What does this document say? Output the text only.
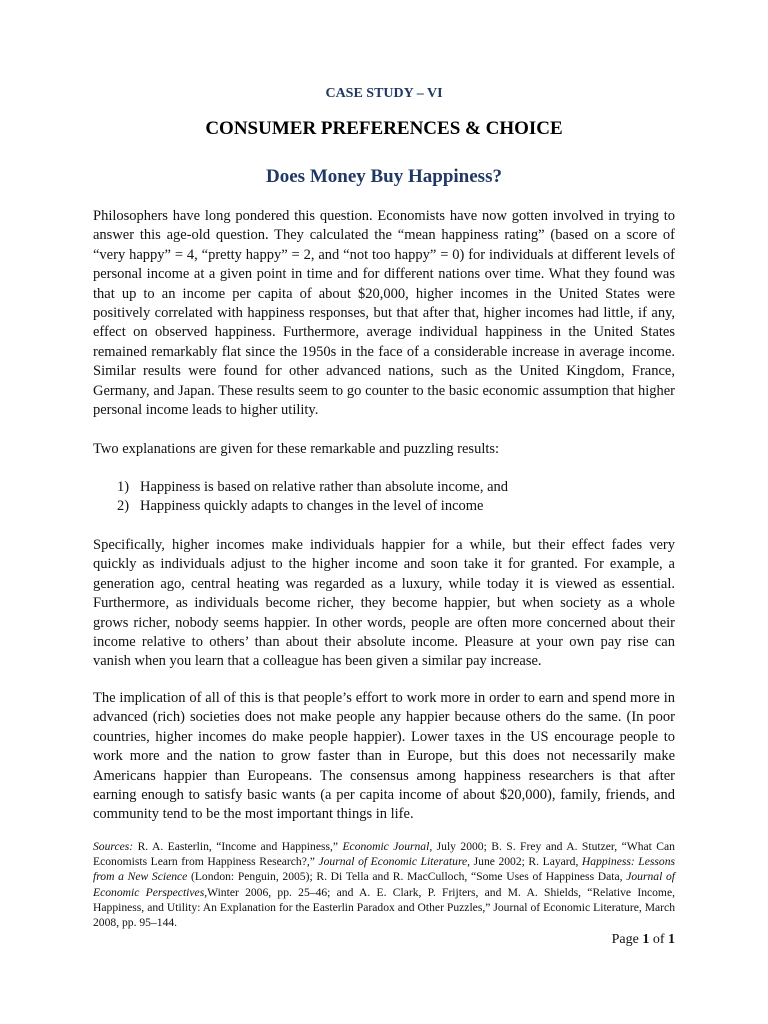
CASE STUDY – VI
CONSUMER PREFERENCES & CHOICE
Does Money Buy Happiness?

Philosophers have long pondered this question. Economists have now gotten involved in trying to answer this age-old question. They calculated the “mean happiness rating” (based on a score of “very happy” = 4, “pretty happy” = 2, and “not too happy” = 0) for individuals at different levels of personal income at a given point in time and for different nations over time. What they found was that up to an income per capita of about $20,000, higher incomes in the United States were positively correlated with happiness responses, but that after that, higher incomes had little, if any, effect on observed happiness. Furthermore, average individual happiness in the United States remained remarkably flat since the 1950s in the face of a considerable increase in average income. Similar results were found for other advanced nations, such as the United Kingdom, France, Germany, and Japan. These results seem to go counter to the basic economic assumption that higher personal income leads to higher utility.

Two explanations are given for these remarkable and puzzling results:

1) Happiness is based on relative rather than absolute income, and
2) Happiness quickly adapts to changes in the level of income

Specifically, higher incomes make individuals happier for a while, but their effect fades very quickly as individuals adjust to the higher income and soon take it for granted. For example, a generation ago, central heating was regarded as a luxury, while today it is viewed as essential. Furthermore, as individuals become richer, they become happier, but when society as a whole grows richer, nobody seems happier. In other words, people are often more concerned about their income relative to others’ than about their absolute income. Pleasure at your own pay rise can vanish when you learn that a colleague has been given a similar pay increase.

The implication of all of this is that people’s effort to work more in order to earn and spend more in advanced (rich) societies does not make people any happier because others do the same. (In poor countries, higher incomes do make people happier). Lower taxes in the US encourage people to work more and the nation to grow faster than in Europe, but this does not necessarily make Americans happier than Europeans. The consensus among happiness researchers is that after earning enough to satisfy basic wants (a per capita income of about $20,000), family, friends, and community tend to be the most important things in life.

Sources: R. A. Easterlin, “Income and Happiness,” Economic Journal, July 2000; B. S. Frey and A. Stutzer, “What Can Economists Learn from Happiness Research?,” Journal of Economic Literature, June 2002; R. Layard, Happiness: Lessons from a New Science (London: Penguin, 2005); R. Di Tella and R. MacCulloch, “Some Uses of Happiness Data, Journal of Economic Perspectives,Winter 2006, pp. 25–46; and A. E. Clark, P. Frijters, and M. A. Shields, “Relative Income, Happiness, and Utility: An Explanation for the Easterlin Paradox and Other Puzzles,” Journal of Economic Literature, March 2008, pp. 95–144.

Page 1 of 1
